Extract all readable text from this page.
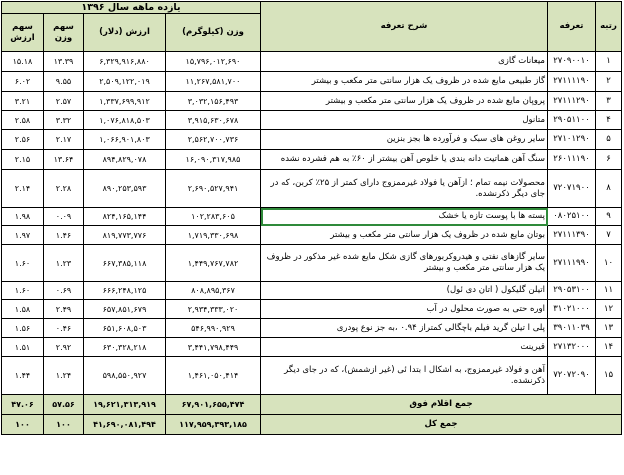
رتبه	تعرفه	شرح تعرفه	یازده ماهه سال ۱۳۹۶			
			وزن (کیلوگرم)	ارزش (دلار)	سهم وزن	سهم ارزش
۱	۲۷۰۹۰۰۱۰	میعانات گازی	۱۵,۷۹۶,۰۱۲,۶۹۰	۶,۳۲۹,۹۱۶,۸۸۰	۱۳.۳۹	۱۵.۱۸
۲	۲۷۱۱۱۱۹۰	گاز طبیعی مایع شده در ظروف یک هزار سانتی متر مکعب و بیشتر	۱۱,۲۶۷,۵۸۱,۷۰۰	۲,۵۰۹,۱۲۲,۰۱۹	۹.۵۵	۶.۰۲
۳	۲۷۱۱۱۲۹۰	پروپان مایع شده در ظروف یک هزار سانتی متر مکعب و بیشتر	۳,۰۳۲,۱۵۶,۴۹۳	۱,۳۳۷,۶۹۹,۹۱۲	۲.۵۷	۳.۲۱
۴	۲۹۰۵۱۱۰۰	متانول	۳,۹۱۵,۶۳۰,۶۷۸	۱,۰۷۶,۸۱۸,۵۰۳	۳.۳۲	۲.۵۸
۵	۲۷۱۰۱۲۹۰	سایر روغن های سبک و فرآورده ها بجز بنزین	۲,۵۶۲,۷۰۰,۷۳۶	۱,۰۶۶,۹۰۱,۸۰۳	۲.۱۷	۲.۵۶
۶	۲۶۰۱۱۱۹۰	سنگ آهن هماتیت دانه بندی یا خلوص آهن بیشتر از ۶۰٪ به هم فشرده نشده	۱۶,۰۹۰,۳۱۷,۹۸۵	۸۹۴,۸۲۹,۰۷۸	۱۳.۶۴	۲.۱۵
۸	۷۲۰۷۱۹۰۰	محصولات نیمه تمام ؛ ازآهن یا فولاد غیرممزوج دارای کمتر از ۲۵٪ کربن، که در جای دیگر ذکرنشده.	۲,۶۹۰,۵۲۷,۹۴۱	۸۹۰,۲۵۳,۵۹۳	۲.۲۸	۲.۱۴
۹	۰۸۰۲۵۱۰۰	پسته ها با پوست تازه یا خشک	۱۰۲,۲۸۳,۶۰۵	۸۲۴,۱۶۵,۱۴۴	۰.۰۹	۱.۹۸
۷	۲۷۱۱۱۳۹۰	بوتان مایع شده در ظروف یک هزار سانتی متر مکعب و بیشتر	۱,۷۱۹,۳۳۰,۶۹۸	۸۱۹,۷۷۳,۷۷۶	۱.۴۶	۱.۹۷
۱۰	۲۷۱۱۱۹۹۰	سایر گازهای نفتی و هیدروکربورهای گازی شکل مایع شده غیر مذکور در ظروف یک هزار سانتی متر مکعب و بیشتر	۱,۴۴۹,۷۶۷,۷۸۲	۶۶۷,۳۸۵,۱۱۸	۱.۲۳	۱.۶۰
۱۱	۲۹۰۵۳۱۰۰	اتیلن گلیکول ( اتان دی ئول)	۸۰۸,۸۹۵,۳۶۷	۶۶۶,۲۴۸,۱۲۵	۰.۶۹	۱.۶۰
۱۲	۳۱۰۲۱۰۰۰	اوره حتی به صورت محلول در آب	۲,۹۳۴,۳۳۳,۰۲۰	۶۵۷,۸۵۱,۶۷۹	۲.۴۹	۱.۵۸
۱۳	۳۹۰۱۱۰۳۹	پلی ا تیلن گرید فیلم باچگالی کمتراز ۰.۹۴ ،به جز نوع پودری	۵۴۶,۹۹۰,۹۲۹	۶۵۱,۶۰۸,۵۰۳	۰.۴۶	۱.۵۶
۱۴	۲۷۱۳۲۰۰۰	قیرینت	۳,۴۴۱,۷۹۸,۴۴۹	۶۳۰,۳۲۸,۲۱۸	۲.۹۲	۱.۵۱
۱۵	۷۲۰۷۲۰۹۰	آهن و فولاد غیرممزوج، به اشکال ا بتدا ئی (غیر ازشمش)، که در جای دیگر ذکرنشده.	۱,۴۶۱,۰۵۰,۴۱۴	۵۹۸,۵۵۰,۹۲۷	۱.۲۴	۱.۴۴
جمع اقلام فوق			۶۷,۹۰۱,۶۵۵,۴۷۴	۱۹,۶۲۱,۳۱۳,۹۱۹	۵۷.۵۶	۴۷.۰۶
جمع کل			۱۱۷,۹۵۹,۳۹۳,۱۸۵	۴۱,۶۹۰,۰۸۱,۴۹۴	۱۰۰	۱۰۰
